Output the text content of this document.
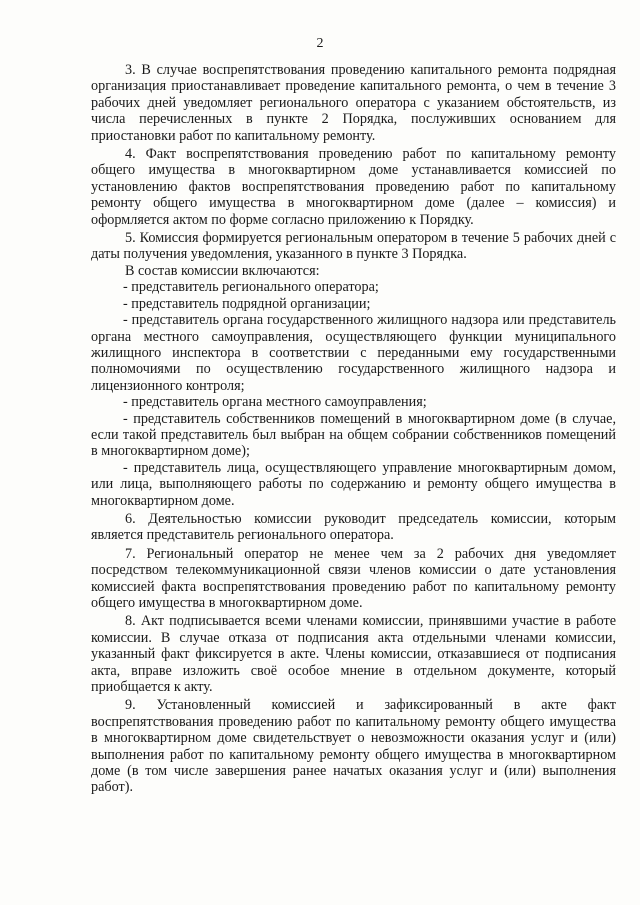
2

3. В случае воспрепятствования проведению капитального ремонта подрядная организация приостанавливает проведение капитального ремонта, о чем в течение 3 рабочих дней уведомляет регионального оператора с указанием обстоятельств, из числа перечисленных в пункте 2 Порядка, послуживших основанием для приостановки работ по капитальному ремонту.

4. Факт воспрепятствования проведению работ по капитальному ремонту общего имущества в многоквартирном доме устанавливается комиссией по установлению фактов воспрепятствования проведению работ по капитальному ремонту общего имущества в многоквартирном доме (далее – комиссия) и оформляется актом по форме согласно приложению к Порядку.

5. Комиссия формируется региональным оператором в течение 5 рабочих дней с даты получения уведомления, указанного в пункте 3 Порядка.

В состав комиссии включаются:

- представитель регионального оператора;

- представитель подрядной организации;

- представитель органа государственного жилищного надзора или представитель органа местного самоуправления, осуществляющего функции муниципального жилищного инспектора в соответствии с переданными ему государственными полномочиями по осуществлению государственного жилищного надзора и лицензионного контроля;

- представитель органа местного самоуправления;

- представитель собственников помещений в многоквартирном доме (в случае, если такой представитель был выбран на общем собрании собственников помещений в многоквартирном доме);

- представитель лица, осуществляющего управление многоквартирным домом, или лица, выполняющего работы по содержанию и ремонту общего имущества в многоквартирном доме.

6. Деятельностью комиссии руководит председатель комиссии, которым является представитель регионального оператора.

7. Региональный оператор не менее чем за 2 рабочих дня уведомляет посредством телекоммуникационной связи членов комиссии о дате установления комиссией факта воспрепятствования проведению работ по капитальному ремонту общего имущества в многоквартирном доме.

8. Акт подписывается всеми членами комиссии, принявшими участие в работе комиссии. В случае отказа от подписания акта отдельными членами комиссии, указанный факт фиксируется в акте. Члены комиссии, отказавшиеся от подписания акта, вправе изложить своё особое мнение в отдельном документе, который приобщается к акту.

9. Установленный комиссией и зафиксированный в акте факт воспрепятствования проведению работ по капитальному ремонту общего имущества в многоквартирном доме свидетельствует о невозможности оказания услуг и (или) выполнения работ по капитальному ремонту общего имущества в многоквартирном доме (в том числе завершения ранее начатых оказания услуг и (или) выполнения работ).
